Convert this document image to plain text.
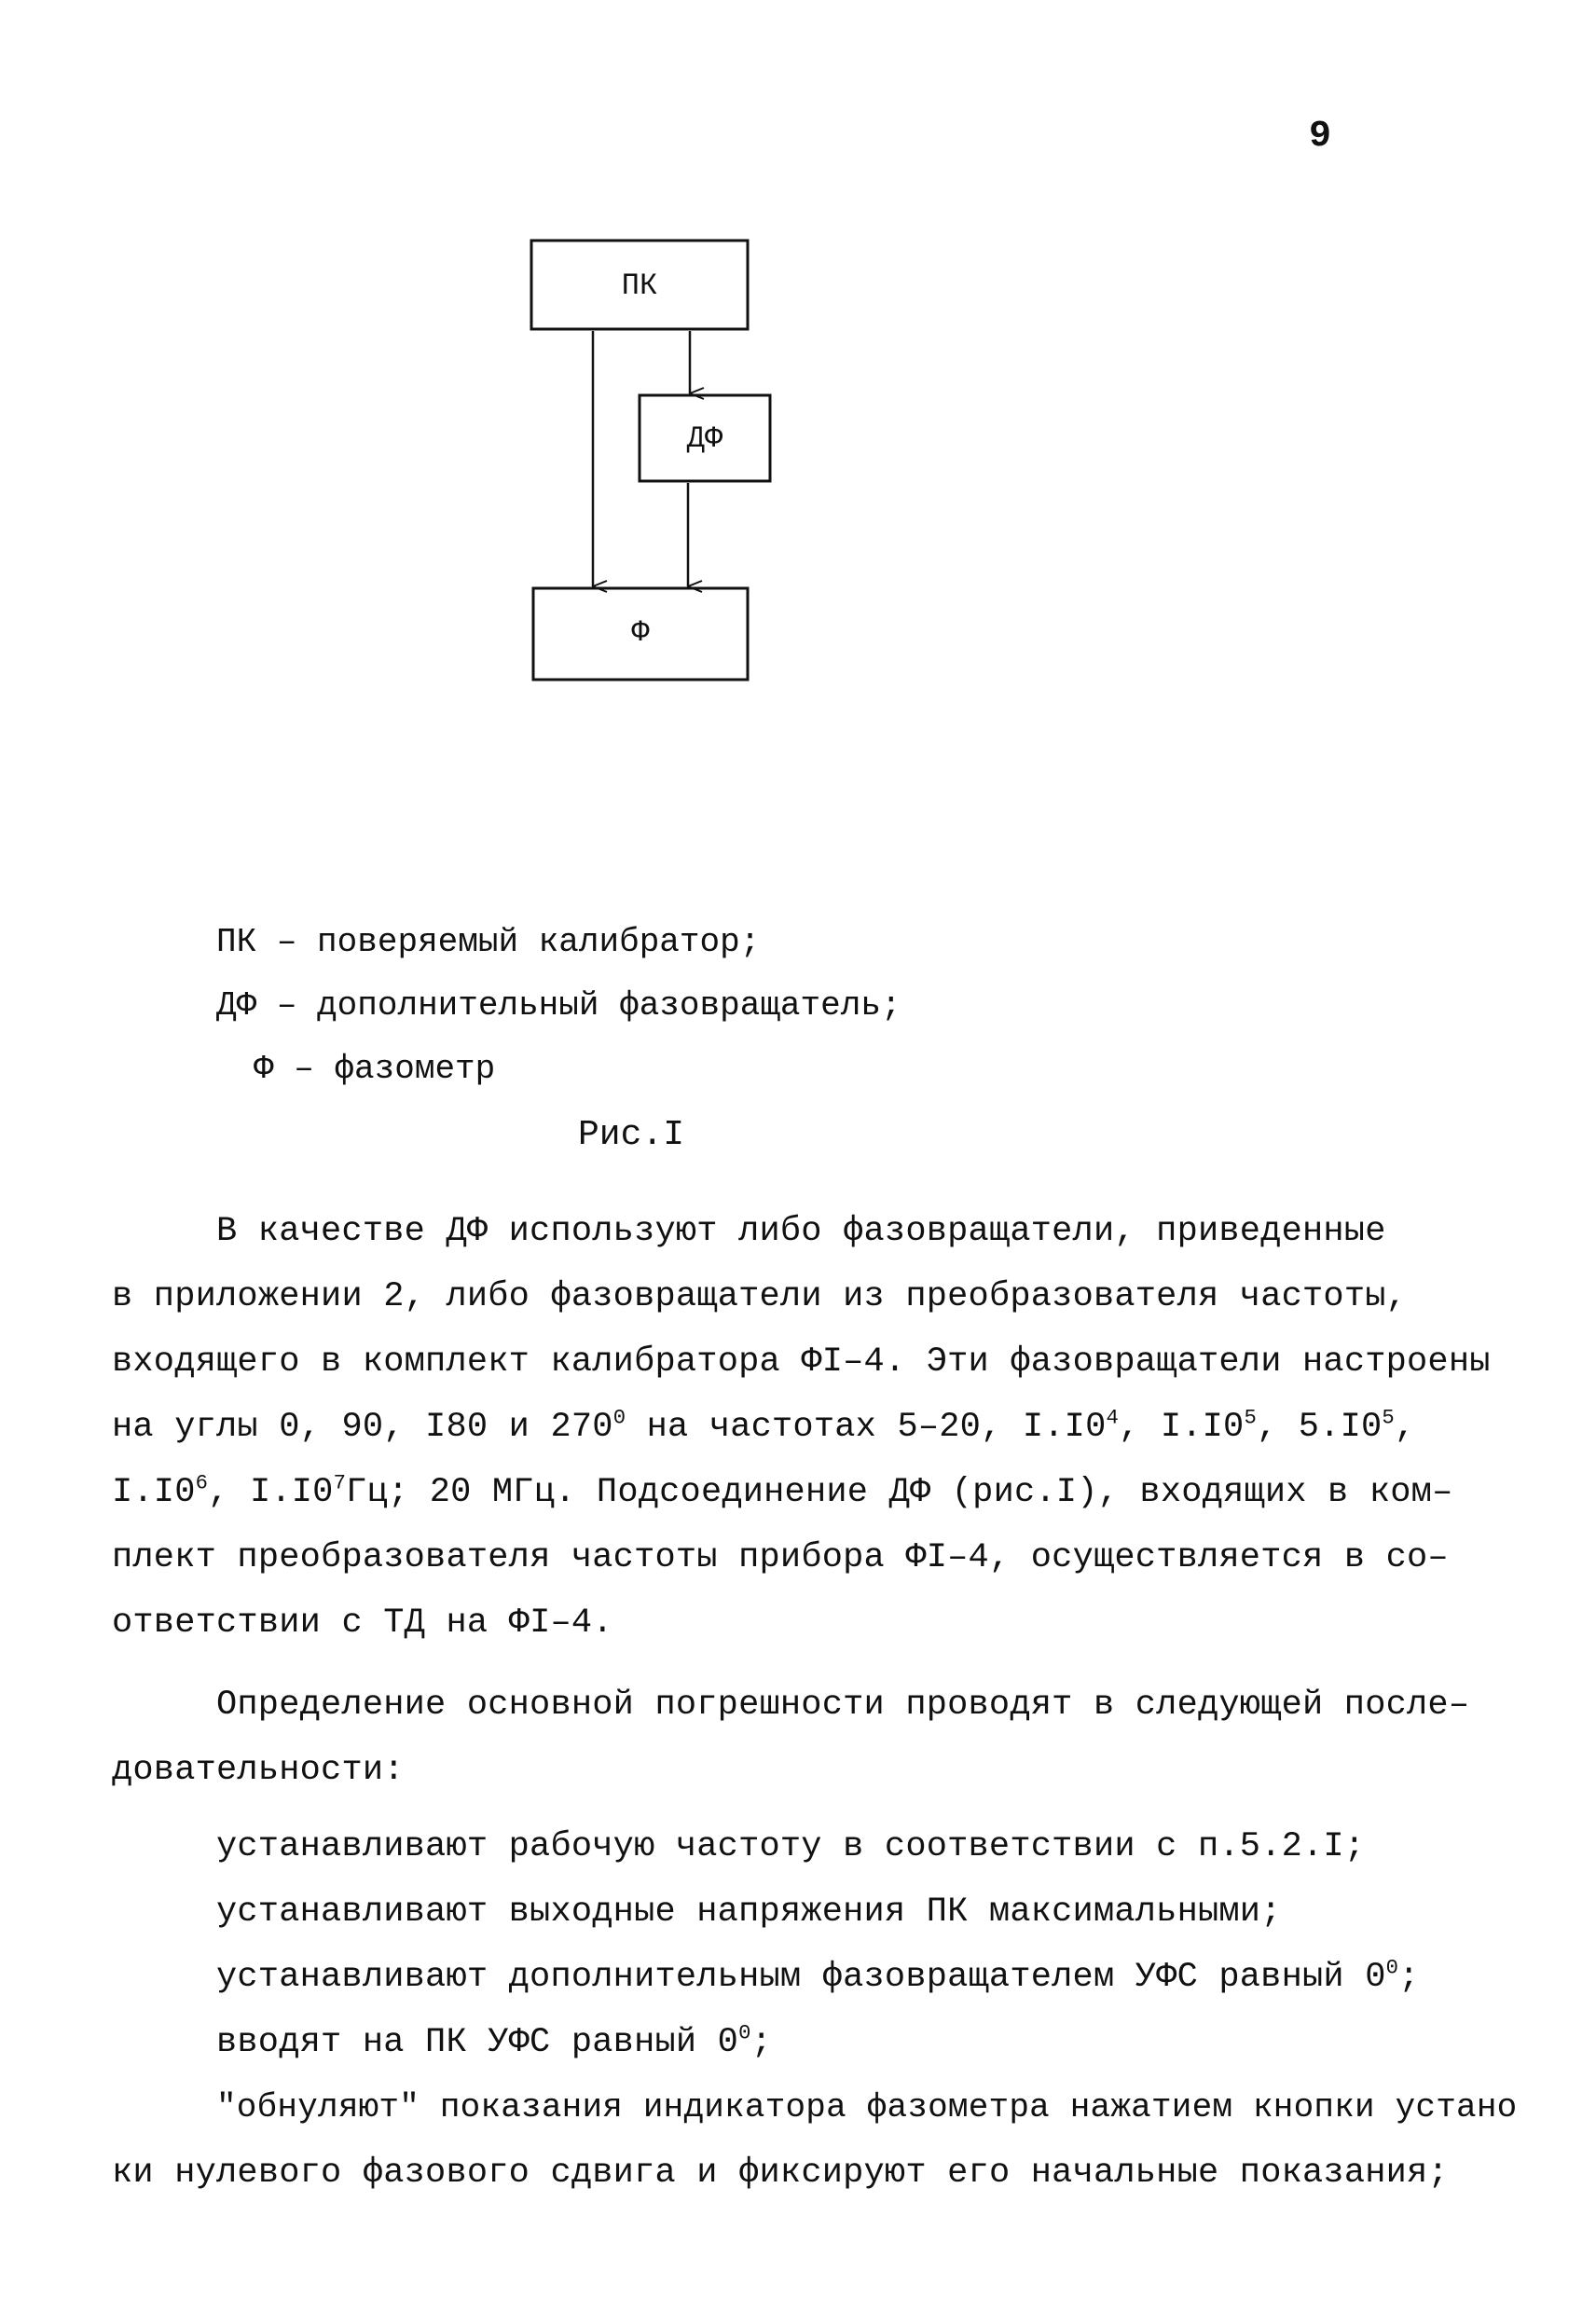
9
ПК
ДФ
Ф
ПК – поверяемый калибратор;
ДФ – дополнительный фазовращатель;
Ф – фазометр
Рис.I
В качестве ДФ используют либо фазовращатели, приведенные
в приложении 2, либо фазовращатели из преобразователя частоты,
входящего в комплект калибратора ФI–4. Эти фазовращатели настроены
на углы 0, 90, I80 и $270^0$ на частотах 5–20, $I.I0^4$, $I.I0^5$, $5.I0^5$,
$I.I0^6$, $I.I0^7Гц$; 20 МГц. Подсоединение ДФ (рис.I), входящих в ком–
плект преобразователя частоты прибора ФI–4, осуществляется в со–
ответствии с ТД на ФI–4.
Определение основной погрешности проводят в следующей после–
довательности:
устанавливают рабочую частоту в соответствии с п.5.2.I;
устанавливают выходные напряжения ПК максимальными;
устанавливают дополнительным фазовращателем УФС равный $0^0$;
вводят на ПК УФС равный $0^0$;
"обнуляют" показания индикатора фазометра нажатием кнопки устано
ки нулевого фазового сдвига и фиксируют его начальные показания;
